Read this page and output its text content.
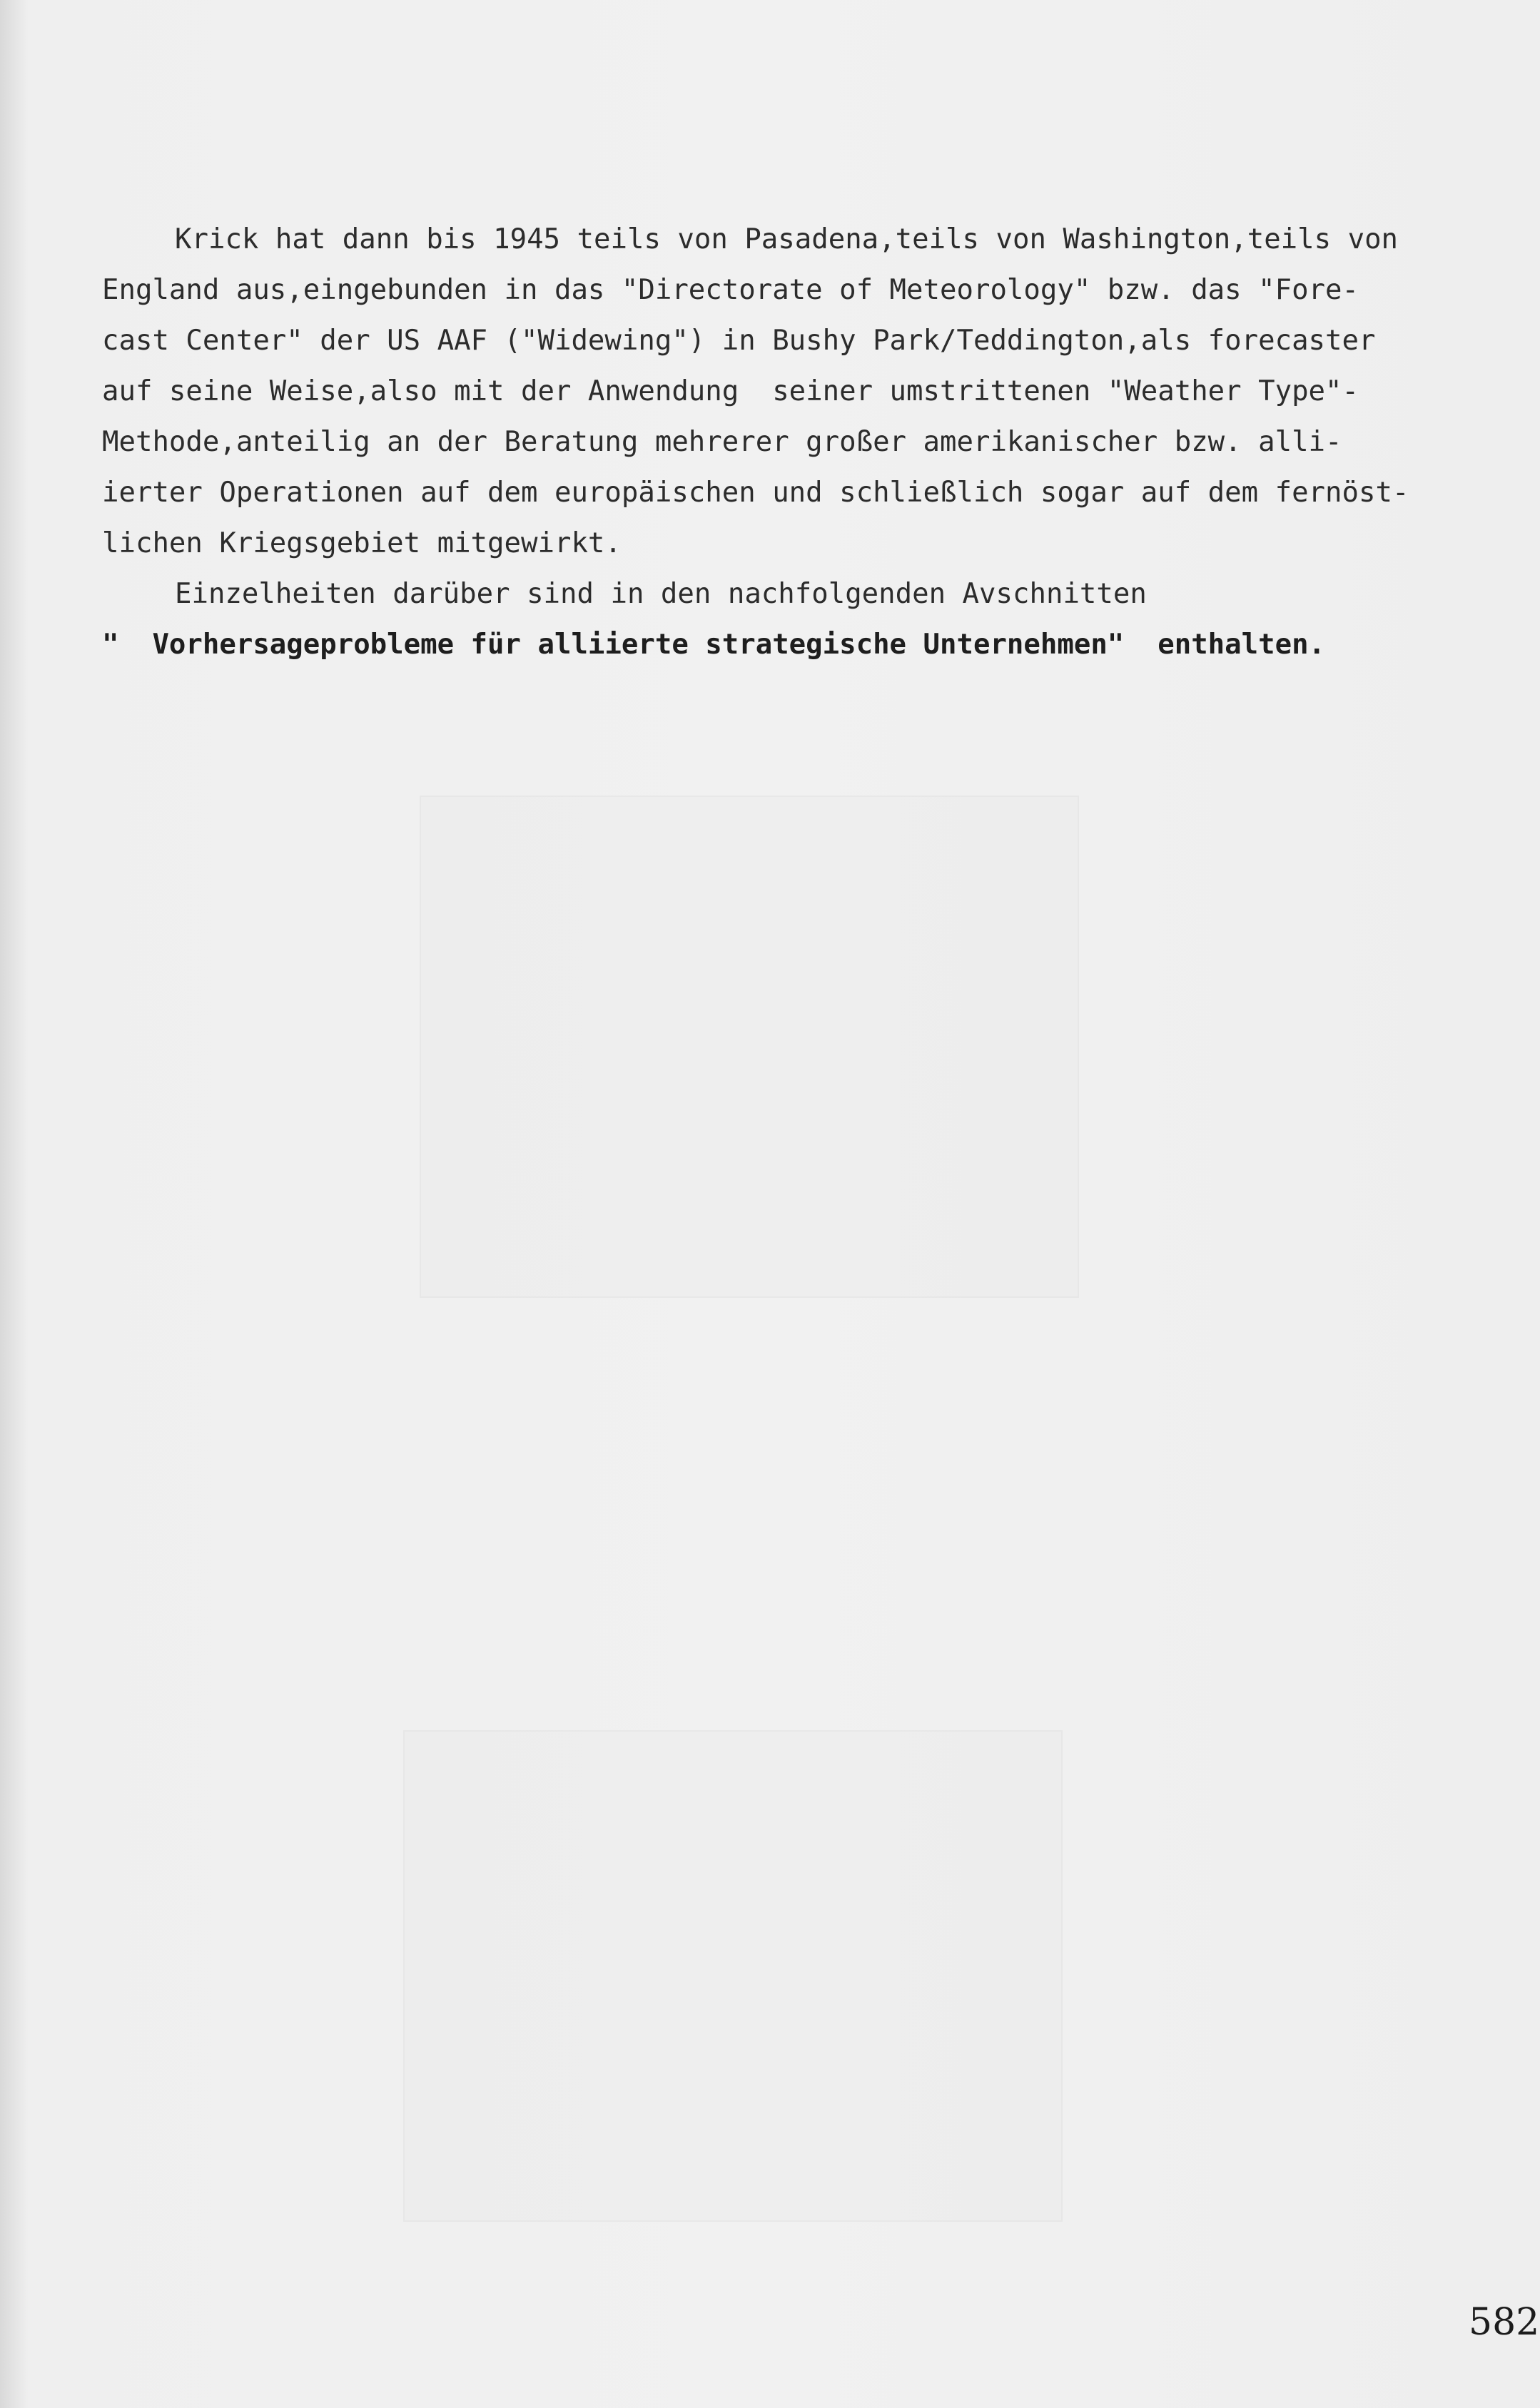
Krick hat dann bis 1945 teils von Pasadena,teils von Washington,teils von
England aus,eingebunden in das "Directorate of Meteorology" bzw. das "Fore-
cast Center" der US AAF ("Widewing") in Bushy Park/Teddington,als forecaster
auf seine Weise,also mit der Anwendung  seiner umstrittenen "Weather Type"-
Methode,anteilig an der Beratung mehrerer großer amerikanischer bzw. alli-
ierter Operationen auf dem europäischen und schließlich sogar auf dem fernöst-
lichen Kriegsgebiet mitgewirkt.
Einzelheiten darüber sind in den nachfolgenden Avschnitten
"  Vorhersageprobleme für alliierte strategische Unternehmen"  enthalten.
582
